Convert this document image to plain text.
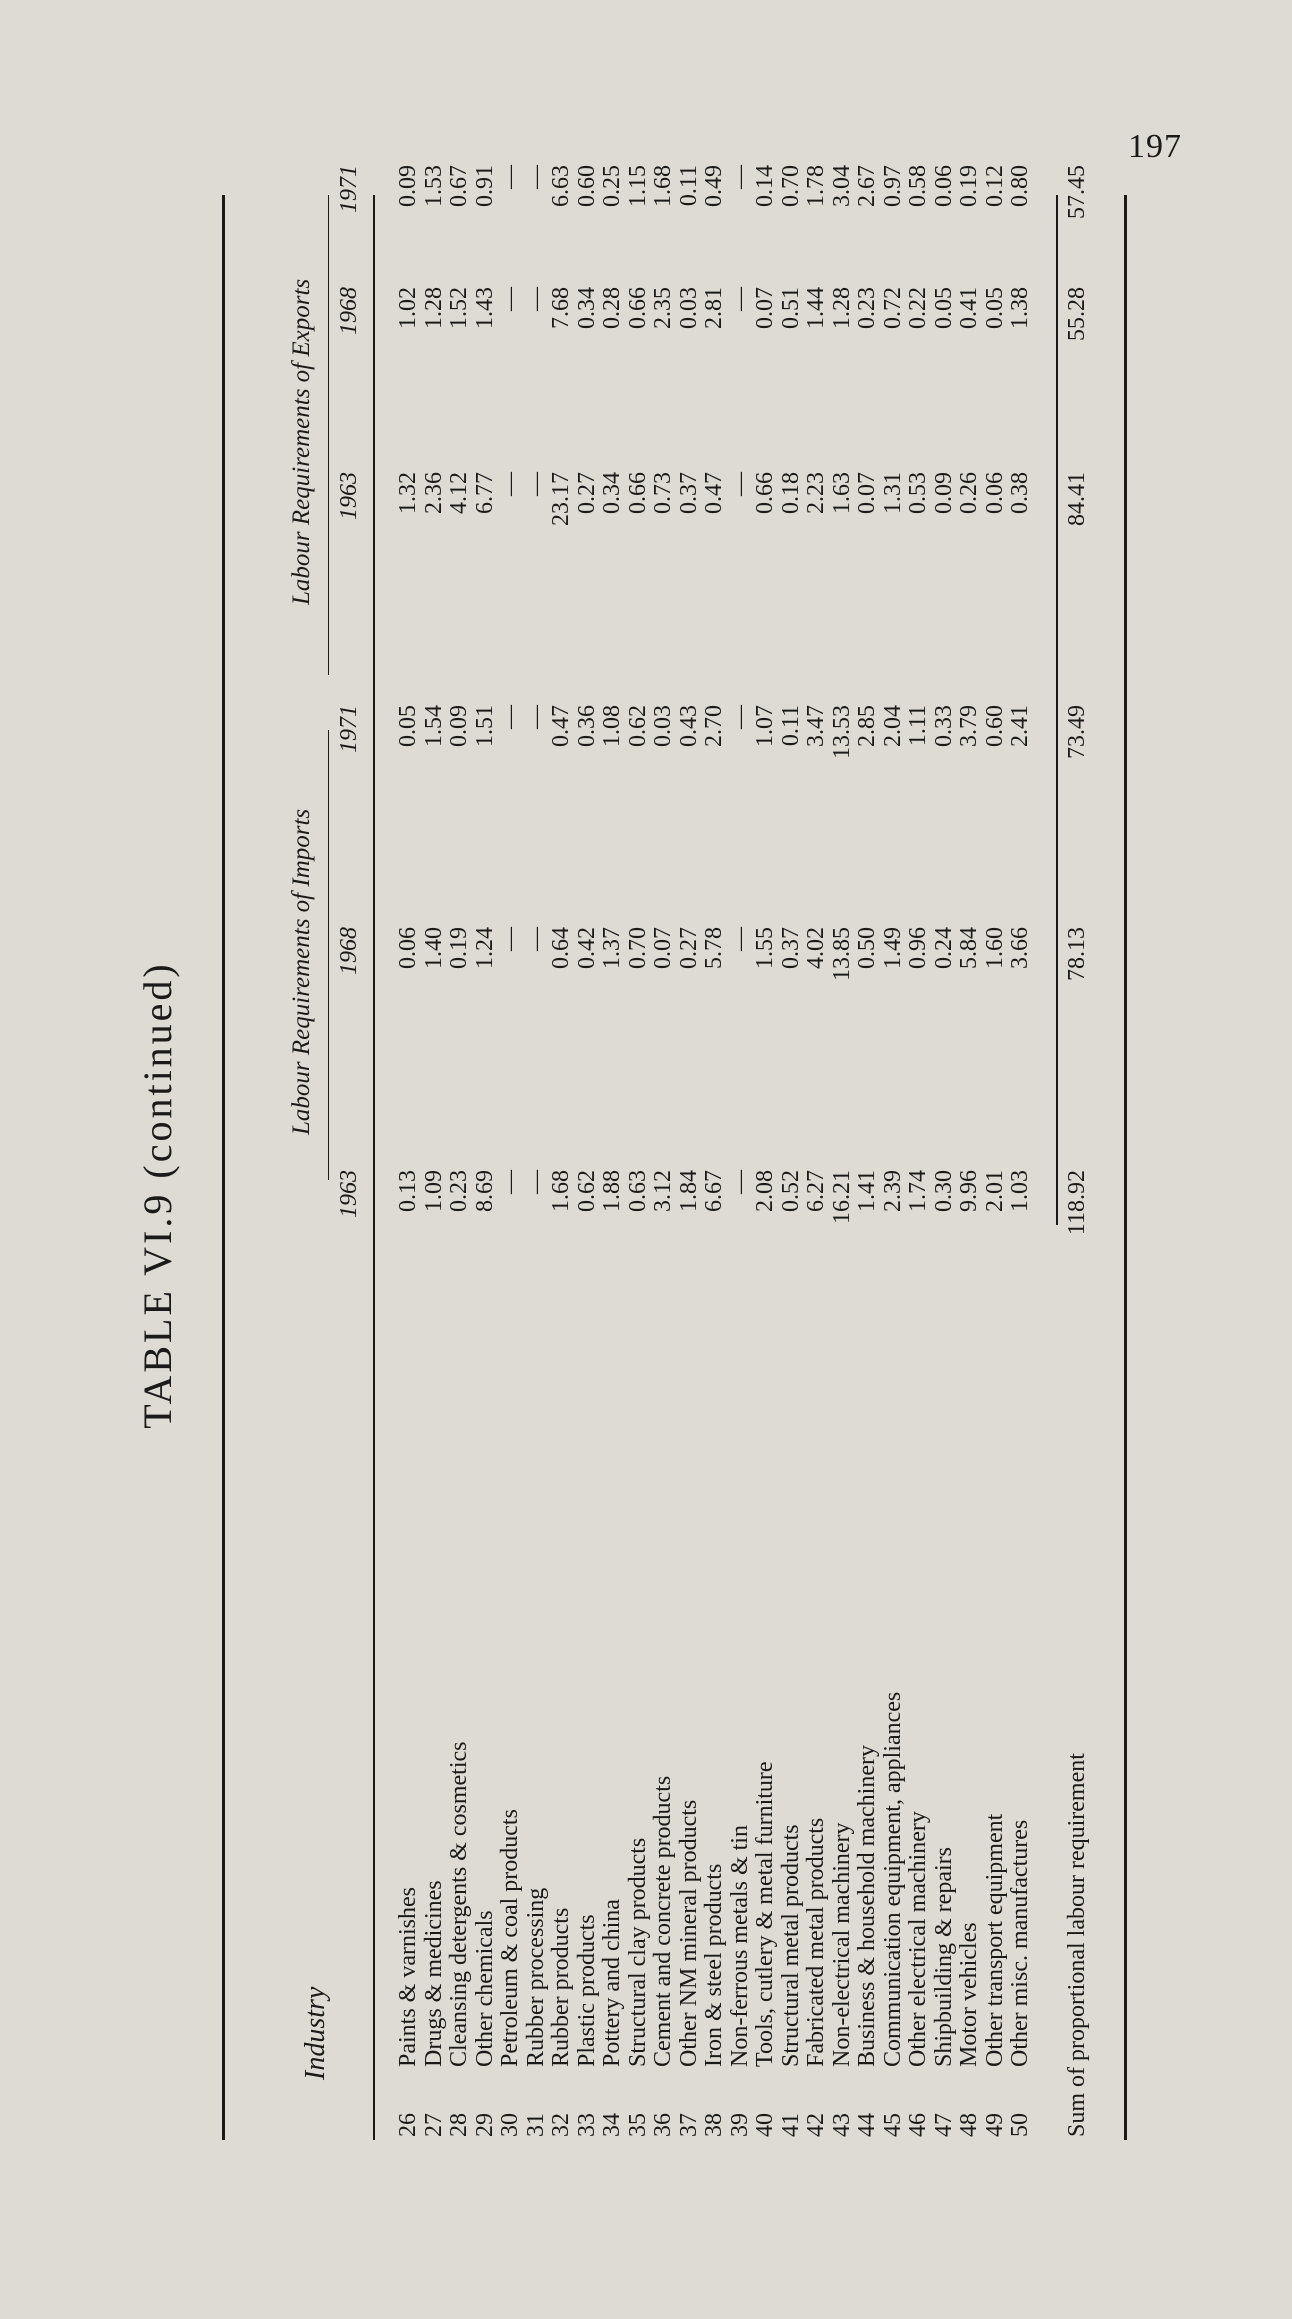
197
TABLE VI.9 (continued)
Industry
Labour Requirements of Imports
Labour Requirements of Exports
1963
1968
1971
1963
1968
1971
26
Paints & varnishes
0.13
0.06
0.05
1.32
1.02
0.09
27
Drugs & medicines
1.09
1.40
1.54
2.36
1.28
1.53
28
Cleansing detergents & cosmetics
0.23
0.19
0.09
4.12
1.52
0.67
29
Other chemicals
8.69
1.24
1.51
6.77
1.43
0.91
30
Petroleum & coal products
—
—
—
—
—
—
31
Rubber processing
—
—
—
—
—
—
32
Rubber products
1.68
0.64
0.47
23.17
7.68
6.63
33
Plastic products
0.62
0.42
0.36
0.27
0.34
0.60
34
Pottery and china
1.88
1.37
1.08
0.34
0.28
0.25
35
Structural clay products
0.63
0.70
0.62
0.66
0.66
1.15
36
Cement and concrete products
3.12
0.07
0.03
0.73
2.35
1.68
37
Other NM mineral products
1.84
0.27
0.43
0.37
0.03
0.11
38
Iron & steel products
6.67
5.78
2.70
0.47
2.81
0.49
39
Non-ferrous metals & tin
—
—
—
—
—
—
40
Tools, cutlery & metal furniture
2.08
1.55
1.07
0.66
0.07
0.14
41
Structural metal products
0.52
0.37
0.11
0.18
0.51
0.70
42
Fabricated metal products
6.27
4.02
3.47
2.23
1.44
1.78
43
Non-electrical machinery
16.21
13.85
13.53
1.63
1.28
3.04
44
Business & household machinery
1.41
0.50
2.85
0.07
0.23
2.67
45
Communication equipment, appliances
2.39
1.49
2.04
1.31
0.72
0.97
46
Other electrical machinery
1.74
0.96
1.11
0.53
0.22
0.58
47
Shipbuilding & repairs
0.30
0.24
0.33
0.09
0.05
0.06
48
Motor vehicles
9.96
5.84
3.79
0.26
0.41
0.19
49
Other transport equipment
2.01
1.60
0.60
0.06
0.05
0.12
50
Other misc. manufactures
1.03
3.66
2.41
0.38
1.38
0.80
Sum of proportional labour requirement
118.92
78.13
73.49
84.41
55.28
57.45
